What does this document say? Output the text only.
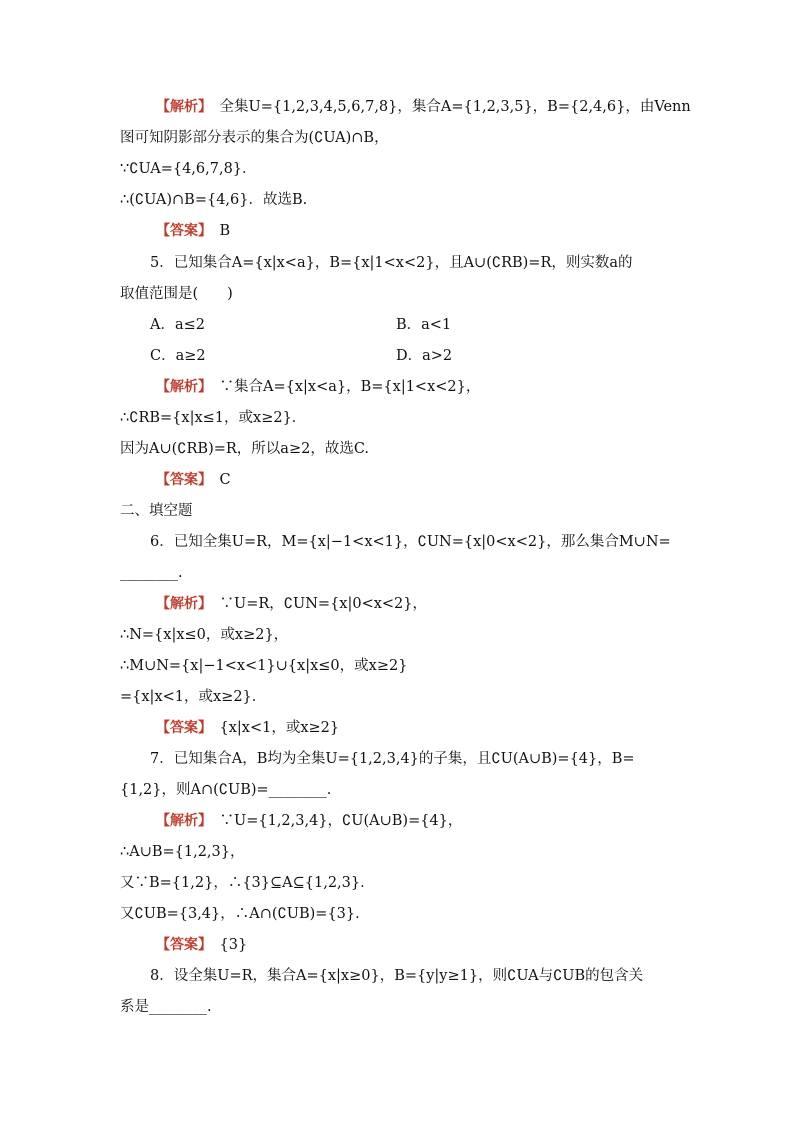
【解析】　全集U={1,2,3,4,5,6,7,8}，集合A={1,2,3,5}，B={2,4,6}，由Venn
图可知阴影部分表示的集合为(∁UA)∩B，
∵∁UA={4,6,7,8}．
∴(∁UA)∩B={4,6}．故选B.
【答案】　B
5．已知集合A={x|x<a}，B={x|1<x<2}，且A∪(∁RB)=R，则实数a的
取值范围是(　　)
A．a≤2	B．a<1
C．a≥2	D．a>2
【解析】　∵集合A={x|x<a}，B={x|1<x<2}，
∴∁RB={x|x≤1，或x≥2}．
因为A∪(∁RB)=R，所以a≥2，故选C.
【答案】　C
二、填空题
6．已知全集U=R，M={x|−1<x<1}，∁UN={x|0<x<2}，那么集合M∪N=
________.
【解析】　∵U=R，∁UN={x|0<x<2}，
∴N={x|x≤0，或x≥2}，
∴M∪N={x|−1<x<1}∪{x|x≤0，或x≥2}
={x|x<1，或x≥2}．
【答案】　{x|x<1，或x≥2}
7．已知集合A，B均为全集U={1,2,3,4}的子集，且∁U(A∪B)={4}，B=
{1,2}，则A∩(∁UB)=________.
【解析】　∵U={1,2,3,4}，∁U(A∪B)={4}，
∴A∪B={1,2,3}，
又∵B={1,2}，∴{3}⊆A⊆{1,2,3}．
又∁UB={3,4}，∴A∩(∁UB)={3}．
【答案】　{3}
8．设全集U=R，集合A={x|x≥0}，B={y|y≥1}，则∁UA与∁UB的包含关
系是________.
